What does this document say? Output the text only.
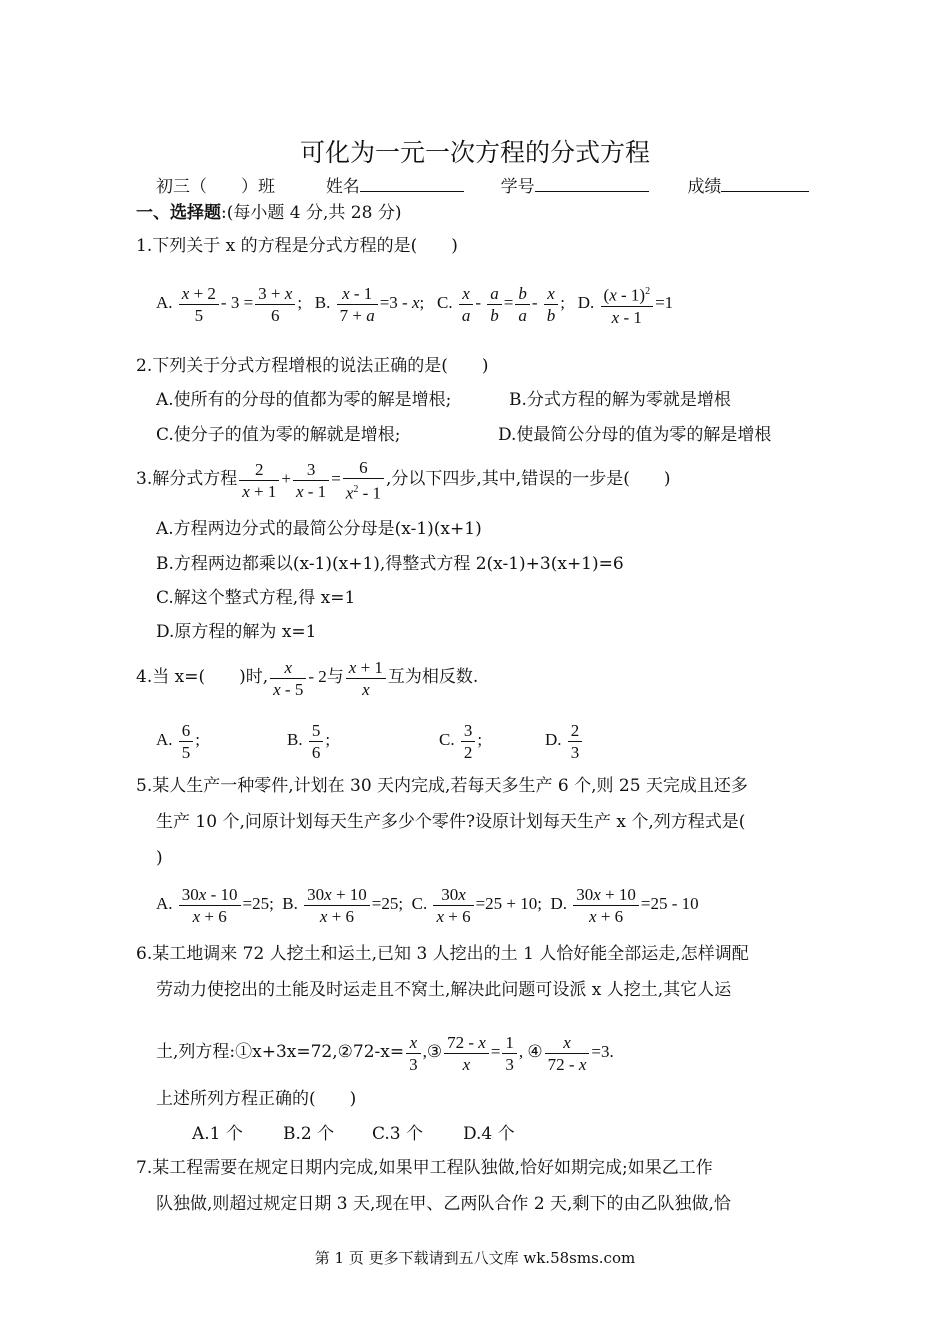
可化为一元一次方程的分式方程
初三（　　）班	姓名	学号	成绩
一、选择题:(每小题 4 分,共 28 分)
1.下列关于 x 的方程是分式方程的是(　　)
A. $\frac{x + 2}{5} - 3 = \frac{3 + x}{6}$ ;   B. $\frac{x - 1}{7 + a} =3 - x$;   C. $\frac{x}{a} - \frac{a}{b} = \frac{b}{a} - \frac{x}{b}$ ;   D. $\frac{(x - 1)^2}{x - 1} =1$
2.下列关于分式方程增根的说法正确的是(　　)
A.使所有的分母的值都为零的解是增根;	B.分式方程的解为零就是增根
C.使分子的值为零的解就是增根;	D.使最简公分母的值为零的解是增根
3.解分式方程 $\frac{2}{x + 1} + \frac{3}{x - 1} = \frac{6}{x^2 - 1}$ ,分以下四步,其中,错误的一步是(　　)
A.方程两边分式的最简公分母是(x-1)(x+1)
B.方程两边都乘以(x-1)(x+1),得整式方程 2(x-1)+3(x+1)=6
C.解这个整式方程,得 x=1
D.原方程的解为 x=1
4.当 x=(　　)时, $\frac{x}{x - 5} - 2$与 $\frac{x + 1}{x}$ 互为相反数.
A. $\frac{6}{5}$ ;	B. $\frac{5}{6}$ ;	C. $\frac{3}{2}$ ;	D. $\frac{2}{3}$
5.某人生产一种零件,计划在 30 天内完成,若每天多生产 6 个,则 25 天完成且还多
生产 10 个,问原计划每天生产多少个零件?设原计划每天生产 x 个,列方程式是(
)
A. $\frac{30x - 10}{x + 6} =25$;  B. $\frac{30x + 10}{x + 6} =25$;  C. $\frac{30x}{x + 6} =25 + 10$;  D. $\frac{30x + 10}{x + 6} =25 - 10$
6.某工地调来 72 人挖土和运土,已知 3 人挖出的土 1 人恰好能全部运走,怎样调配
劳动力使挖出的土能及时运走且不窝土,解决此问题可设派 x 人挖土,其它人运
土,列方程:①x+3x=72,②72-x= $\frac{x}{3}$ ,③ $\frac{72 - x}{x} = \frac{1}{3}$ , ④ $\frac{x}{72 - x} =3$.
上述所列方程正确的(　　)
A.1 个 B.2 个 C.3 个 D.4 个
7.某工程需要在规定日期内完成,如果甲工程队独做,恰好如期完成;如果乙工作
队独做,则超过规定日期 3 天,现在甲、乙两队合作 2 天,剩下的由乙队独做,恰
第 1 页 更多下载请到五八文库 wk.58sms.com
